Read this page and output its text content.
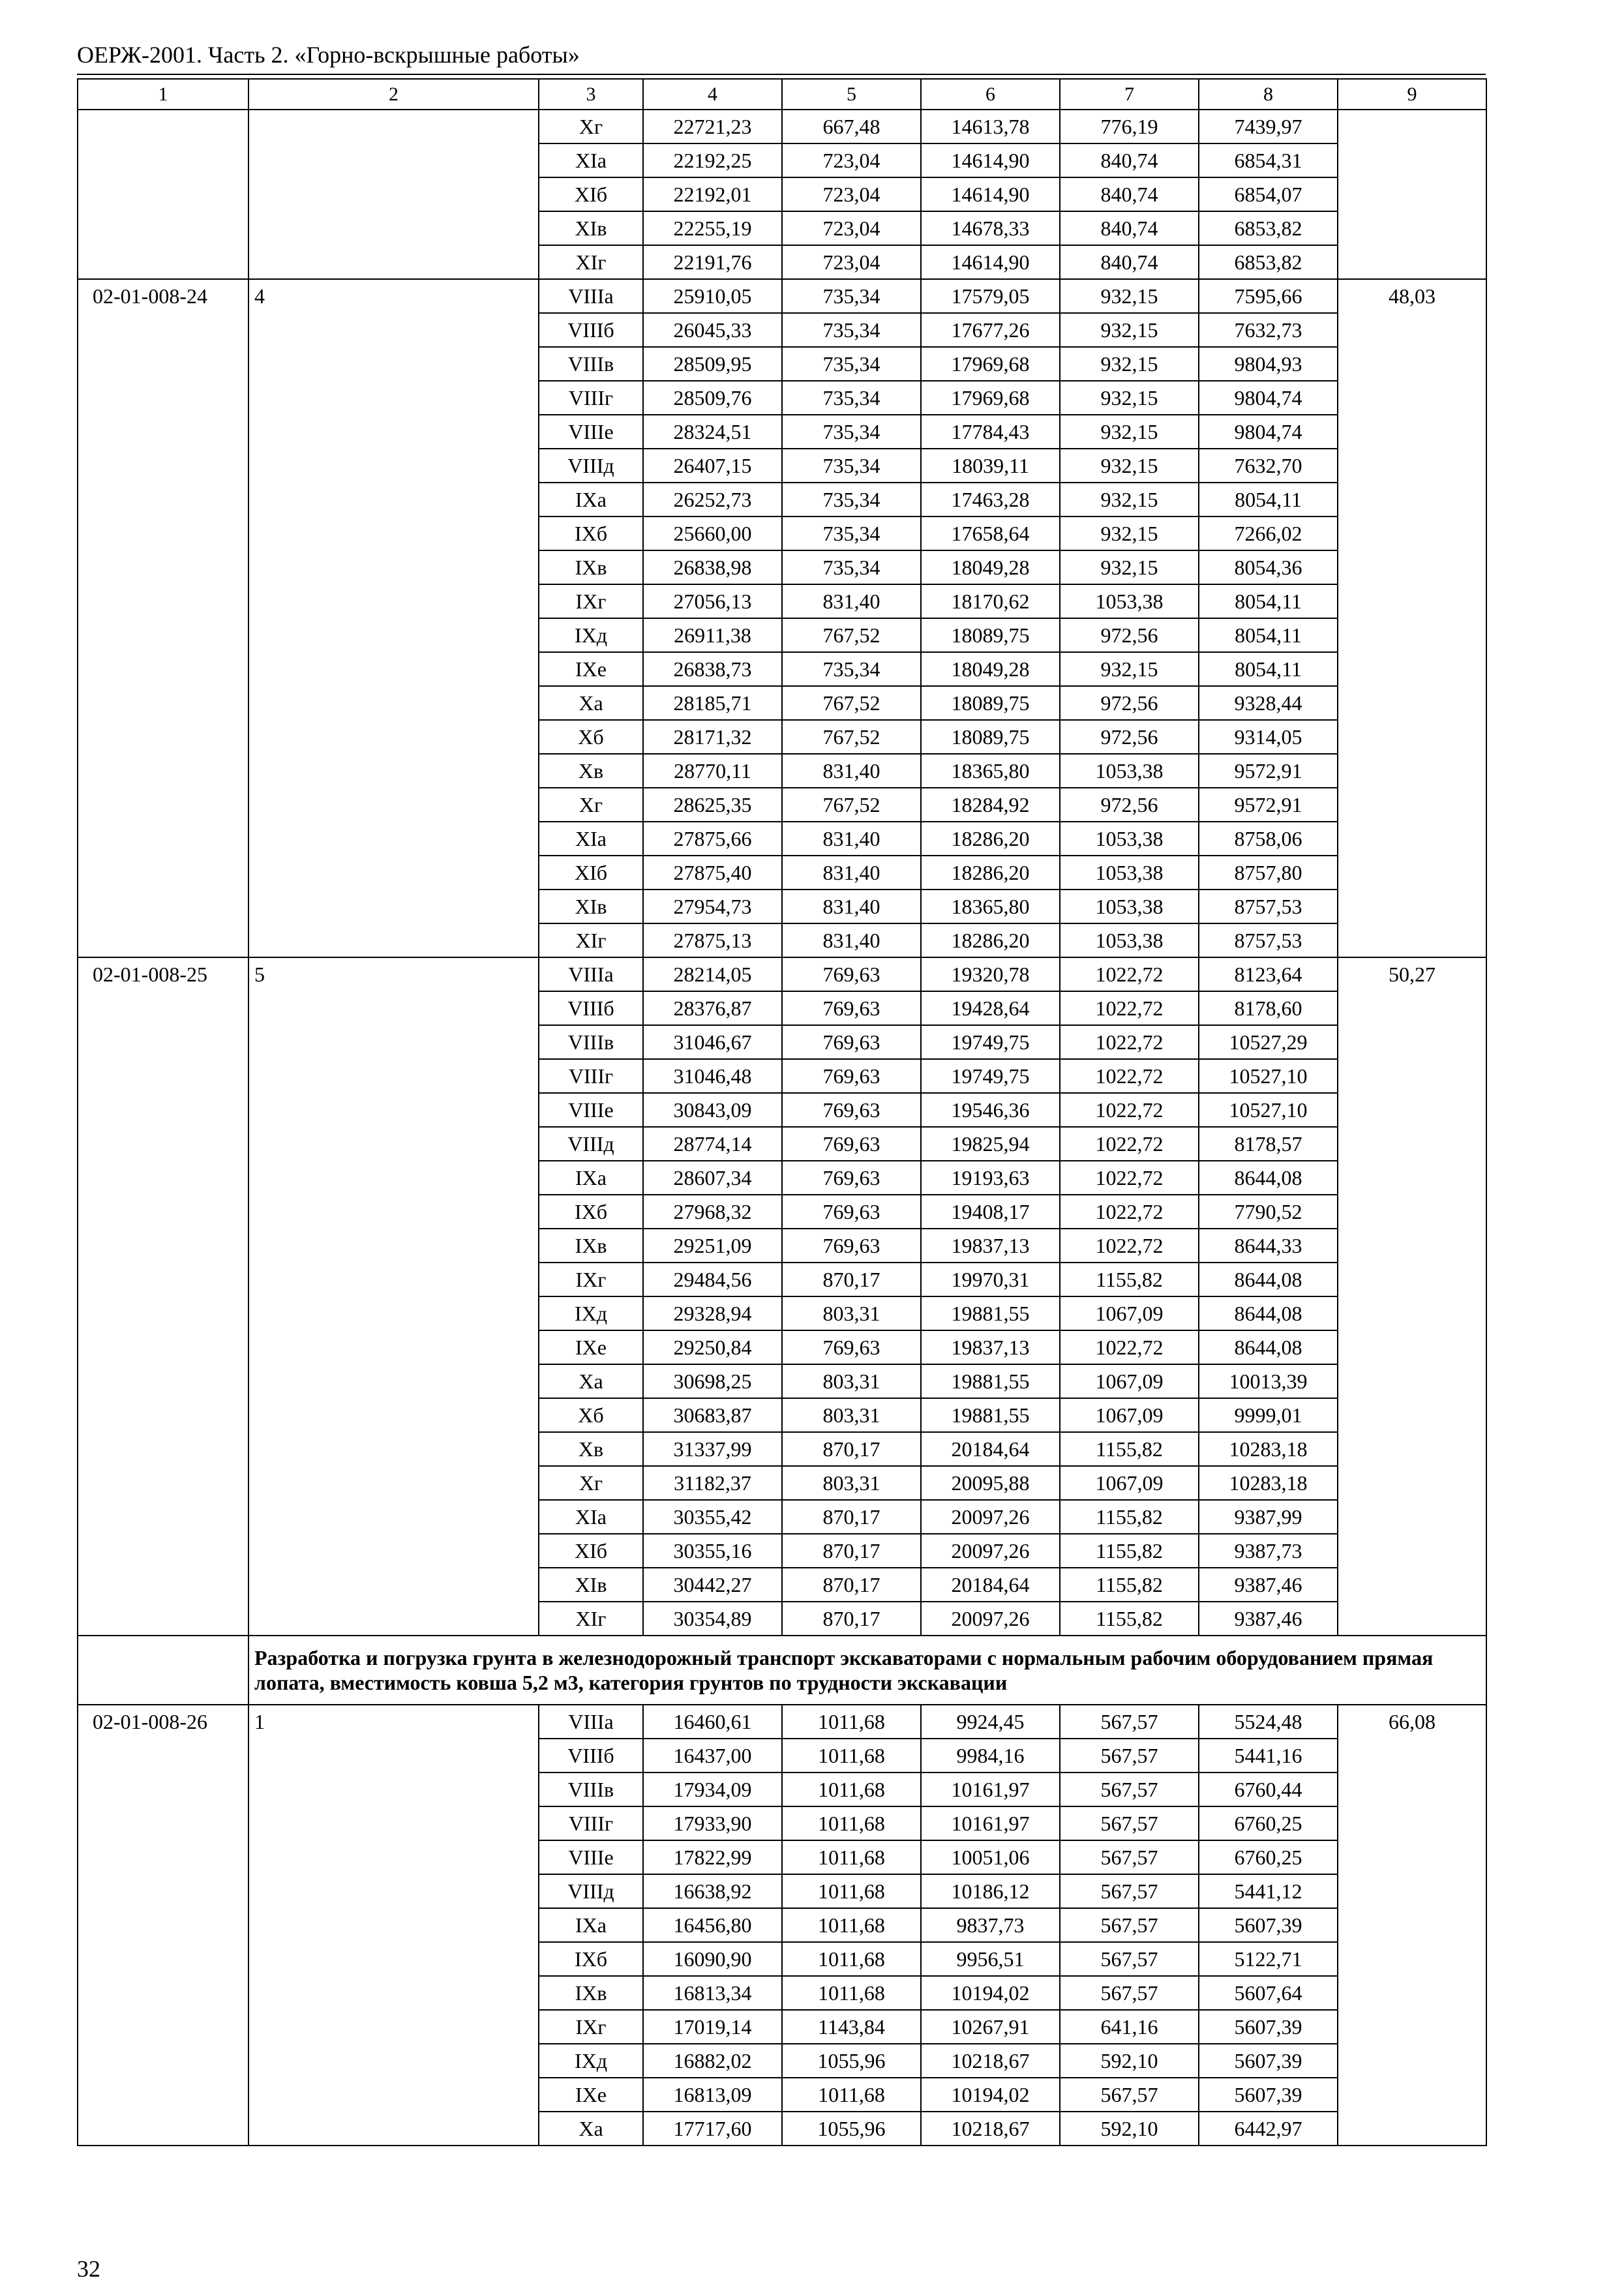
ОЕРЖ-2001. Часть 2. «Горно-вскрышные работы»
1	2	3	4	5	6	7	8	9
		Хг	22721,23	667,48	14613,78	776,19	7439,97	
		XIа	22192,25	723,04	14614,90	840,74	6854,31	
		XIб	22192,01	723,04	14614,90	840,74	6854,07	
		XIв	22255,19	723,04	14678,33	840,74	6853,82	
		XIг	22191,76	723,04	14614,90	840,74	6853,82	
02-01-008-24	4	VIIIа	25910,05	735,34	17579,05	932,15	7595,66	48,03
		VIIIб	26045,33	735,34	17677,26	932,15	7632,73	
		VIIIв	28509,95	735,34	17969,68	932,15	9804,93	
		VIIIг	28509,76	735,34	17969,68	932,15	9804,74	
		VIIIе	28324,51	735,34	17784,43	932,15	9804,74	
		VIIIд	26407,15	735,34	18039,11	932,15	7632,70	
		IXа	26252,73	735,34	17463,28	932,15	8054,11	
		IXб	25660,00	735,34	17658,64	932,15	7266,02	
		IXв	26838,98	735,34	18049,28	932,15	8054,36	
		IXг	27056,13	831,40	18170,62	1053,38	8054,11	
		IXд	26911,38	767,52	18089,75	972,56	8054,11	
		IXе	26838,73	735,34	18049,28	932,15	8054,11	
		Ха	28185,71	767,52	18089,75	972,56	9328,44	
		Хб	28171,32	767,52	18089,75	972,56	9314,05	
		Хв	28770,11	831,40	18365,80	1053,38	9572,91	
		Хг	28625,35	767,52	18284,92	972,56	9572,91	
		XIа	27875,66	831,40	18286,20	1053,38	8758,06	
		XIб	27875,40	831,40	18286,20	1053,38	8757,80	
		XIв	27954,73	831,40	18365,80	1053,38	8757,53	
		XIг	27875,13	831,40	18286,20	1053,38	8757,53	
02-01-008-25	5	VIIIа	28214,05	769,63	19320,78	1022,72	8123,64	50,27
		VIIIб	28376,87	769,63	19428,64	1022,72	8178,60	
		VIIIв	31046,67	769,63	19749,75	1022,72	10527,29	
		VIIIг	31046,48	769,63	19749,75	1022,72	10527,10	
		VIIIе	30843,09	769,63	19546,36	1022,72	10527,10	
		VIIIд	28774,14	769,63	19825,94	1022,72	8178,57	
		IXа	28607,34	769,63	19193,63	1022,72	8644,08	
		IXб	27968,32	769,63	19408,17	1022,72	7790,52	
		IXв	29251,09	769,63	19837,13	1022,72	8644,33	
		IXг	29484,56	870,17	19970,31	1155,82	8644,08	
		IXд	29328,94	803,31	19881,55	1067,09	8644,08	
		IXе	29250,84	769,63	19837,13	1022,72	8644,08	
		Ха	30698,25	803,31	19881,55	1067,09	10013,39	
		Хб	30683,87	803,31	19881,55	1067,09	9999,01	
		Хв	31337,99	870,17	20184,64	1155,82	10283,18	
		Хг	31182,37	803,31	20095,88	1067,09	10283,18	
		XIа	30355,42	870,17	20097,26	1155,82	9387,99	
		XIб	30355,16	870,17	20097,26	1155,82	9387,73	
		XIв	30442,27	870,17	20184,64	1155,82	9387,46	
		XIг	30354,89	870,17	20097,26	1155,82	9387,46	
	Разработка и погрузка грунта в железнодорожный транспорт экскаваторами с нормальным рабочим оборудованием прямая лопата, вместимость ковша 5,2 м3, категория грунтов по трудности экскавации							
02-01-008-26	1	VIIIа	16460,61	1011,68	9924,45	567,57	5524,48	66,08
		VIIIб	16437,00	1011,68	9984,16	567,57	5441,16	
		VIIIв	17934,09	1011,68	10161,97	567,57	6760,44	
		VIIIг	17933,90	1011,68	10161,97	567,57	6760,25	
		VIIIе	17822,99	1011,68	10051,06	567,57	6760,25	
		VIIIд	16638,92	1011,68	10186,12	567,57	5441,12	
		IXа	16456,80	1011,68	9837,73	567,57	5607,39	
		IXб	16090,90	1011,68	9956,51	567,57	5122,71	
		IXв	16813,34	1011,68	10194,02	567,57	5607,64	
		IXг	17019,14	1143,84	10267,91	641,16	5607,39	
		IXд	16882,02	1055,96	10218,67	592,10	5607,39	
		IXе	16813,09	1011,68	10194,02	567,57	5607,39	
		Ха	17717,60	1055,96	10218,67	592,10	6442,97	
32
